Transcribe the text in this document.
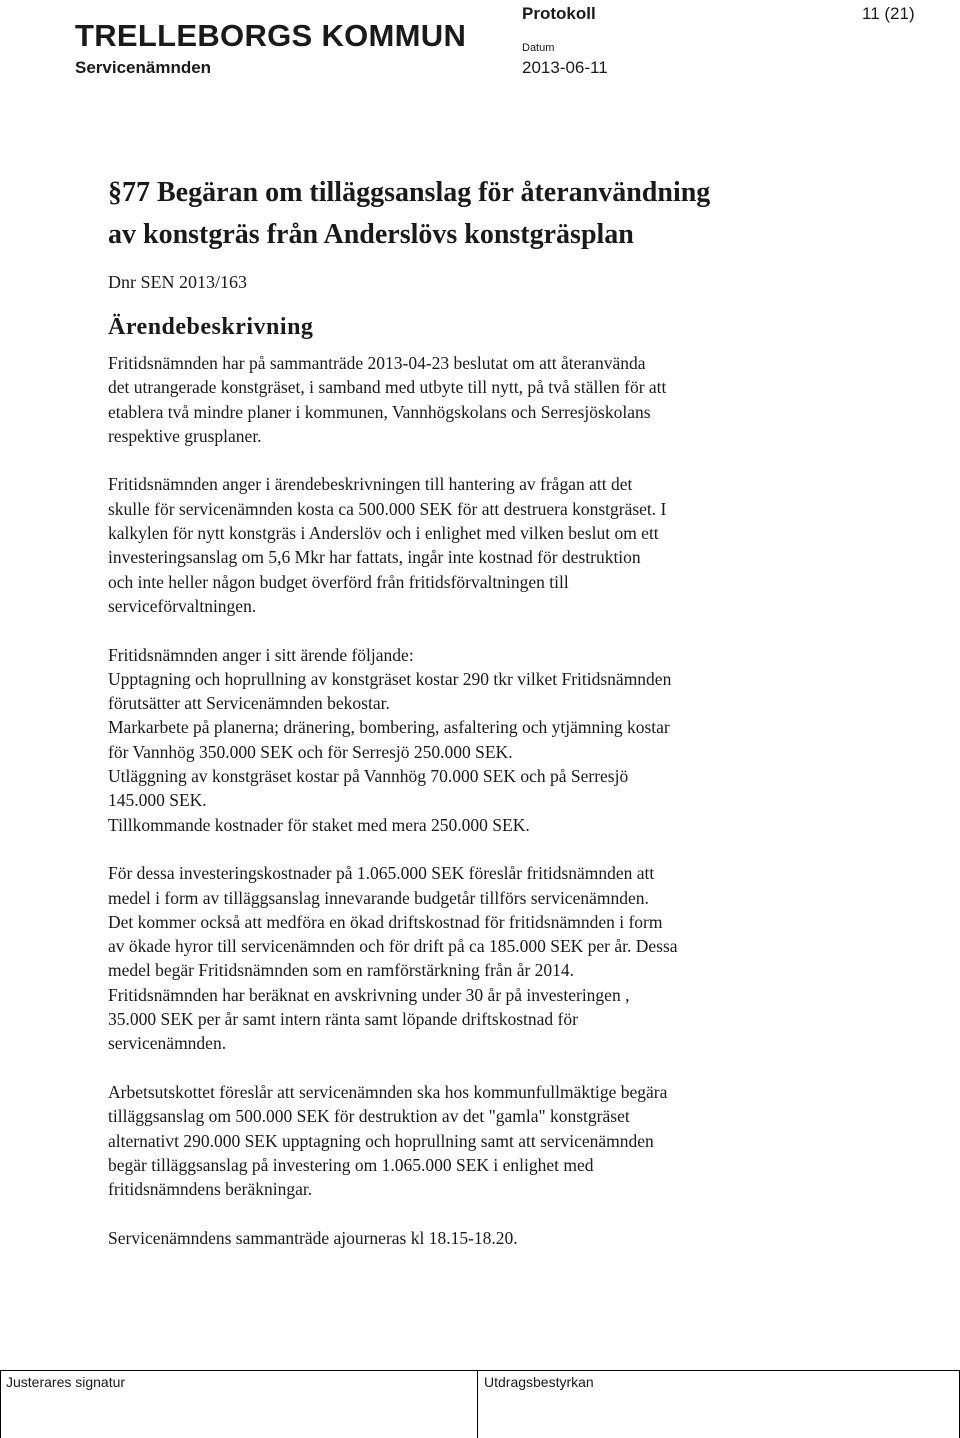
TRELLEBORGS KOMMUN
Servicenämnden
Protokoll
Datum
2013-06-11
11 (21)
§77 Begäran om tilläggsanslag för återanvändning
av konstgräs från Anderslövs konstgräsplan
Dnr SEN 2013/163
Ärendebeskrivning

Fritidsnämnden har på sammanträde 2013-04-23 beslutat om att återanvända
det utrangerade konstgräset, i samband med utbyte till nytt, på två ställen för att
etablera två mindre planer i kommunen, Vannhögskolans och Serresjöskolans
respektive grusplaner.

Fritidsnämnden anger i ärendebeskrivningen till hantering av frågan att det
skulle för servicenämnden kosta ca 500.000 SEK för att destruera konstgräset. I
kalkylen för nytt konstgräs i Anderslöv och i enlighet med vilken beslut om ett
investeringsanslag om 5,6 Mkr har fattats, ingår inte kostnad för destruktion
och inte heller någon budget överförd från fritidsförvaltningen till
serviceförvaltningen.

Fritidsnämnden anger i sitt ärende följande:
Upptagning och hoprullning av konstgräset kostar 290 tkr vilket Fritidsnämnden
förutsätter att Servicenämnden bekostar.
Markarbete på planerna; dränering, bombering, asfaltering och ytjämning kostar
för Vannhög 350.000 SEK och för Serresjö 250.000 SEK.
Utläggning av konstgräset kostar på Vannhög 70.000 SEK och på Serresjö
145.000 SEK.
Tillkommande kostnader för staket med mera 250.000 SEK.

För dessa investeringskostnader på 1.065.000 SEK föreslår fritidsnämnden att
medel i form av tilläggsanslag innevarande budgetår tillförs servicenämnden.
Det kommer också att medföra en ökad driftskostnad för fritidsnämnden i form
av ökade hyror till servicenämnden och för drift på ca 185.000 SEK per år. Dessa
medel begär Fritidsnämnden som en ramförstärkning från år 2014.
Fritidsnämnden har beräknat en avskrivning under 30 år på investeringen ,
35.000 SEK per år samt intern ränta samt löpande driftskostnad för
servicenämnden.

Arbetsutskottet föreslår att servicenämnden ska hos kommunfullmäktige begära
tilläggsanslag om 500.000 SEK för destruktion av det "gamla" konstgräset
alternativt 290.000 SEK upptagning och hoprullning samt att servicenämnden
begär tilläggsanslag på investering om 1.065.000 SEK i enlighet med
fritidsnämndens beräkningar.

Servicenämndens sammanträde ajourneras kl 18.15-18.20.

Justerares signatur	Utdragsbestyrkan
